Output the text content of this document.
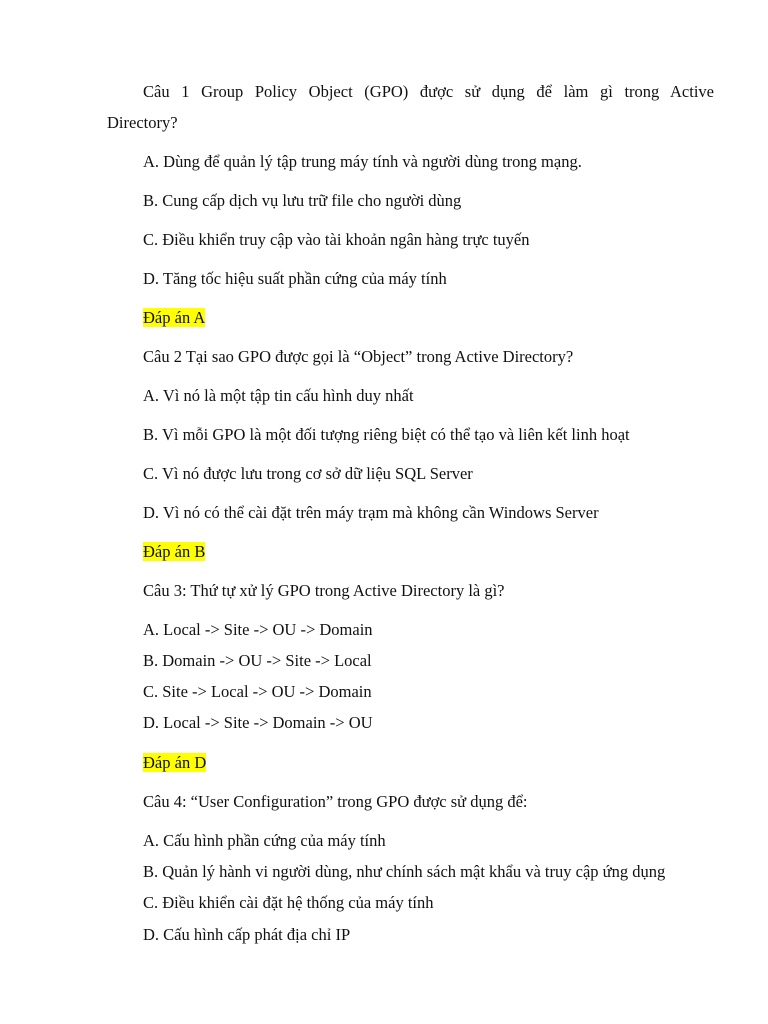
Câu 1 Group Policy Object (GPO) được sử dụng để làm gì trong Active
Directory?
A. Dùng để quản lý tập trung máy tính và người dùng trong mạng.
B. Cung cấp dịch vụ lưu trữ file cho người dùng
C. Điều khiển truy cập vào tài khoản ngân hàng trực tuyến
D. Tăng tốc hiệu suất phần cứng của máy tính
Đáp án A
Câu 2 Tại sao GPO được gọi là “Object” trong Active Directory?
A. Vì nó là một tập tin cấu hình duy nhất
B. Vì mỗi GPO là một đối tượng riêng biệt có thể tạo và liên kết linh hoạt
C. Vì nó được lưu trong cơ sở dữ liệu SQL Server
D. Vì nó có thể cài đặt trên máy trạm mà không cần Windows Server
Đáp án B
Câu 3: Thứ tự xử lý GPO trong Active Directory là gì?
A. Local -> Site -> OU -> Domain
B. Domain -> OU -> Site -> Local
C. Site -> Local -> OU -> Domain
D. Local -> Site -> Domain -> OU
Đáp án D
Câu 4: “User Configuration” trong GPO được sử dụng để:
A. Cấu hình phần cứng của máy tính
B. Quản lý hành vi người dùng, như chính sách mật khẩu và truy cập ứng dụng
C. Điều khiển cài đặt hệ thống của máy tính
D. Cấu hình cấp phát địa chỉ IP
